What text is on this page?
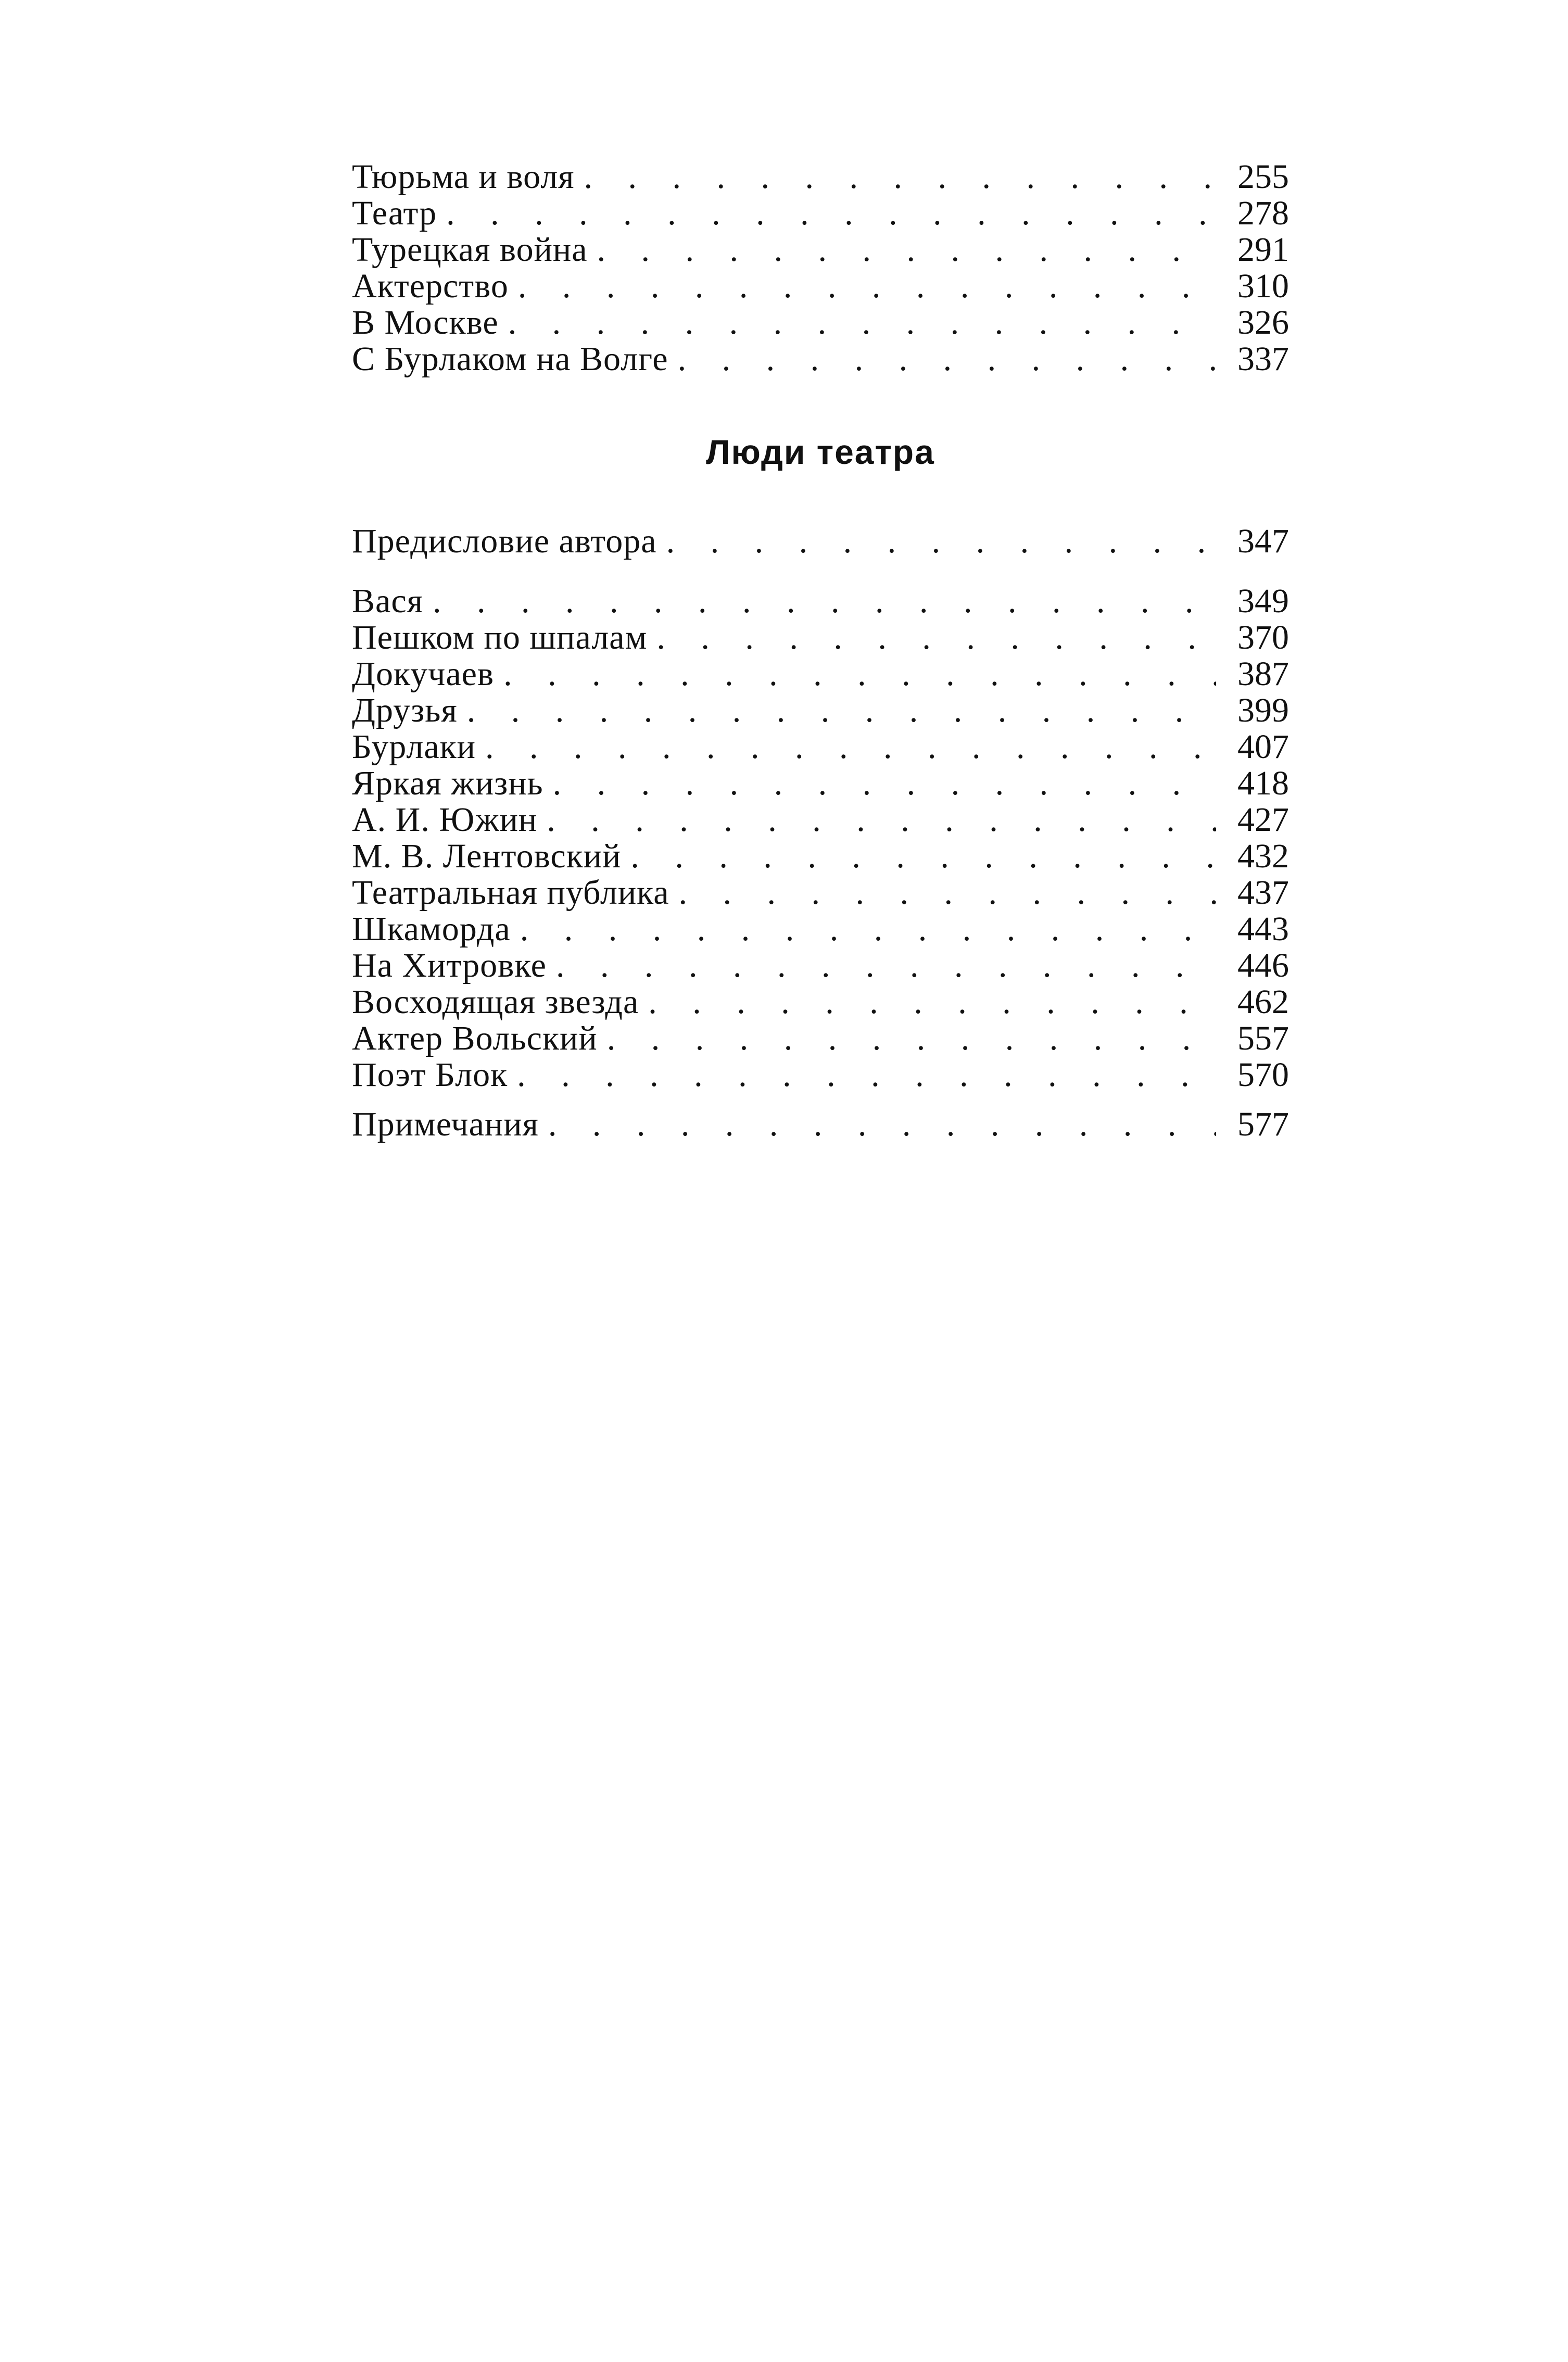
Тюрьма и воля . . .	255
Театр . . .	278
Турецкая война . . .	291
Актерство . . .	310
В Москве . . .	326
С Бурлаком на Волге . . .	337
Люди театра
Предисловие автора . . .	347
Вася . . .	349
Пешком по шпалам . . .	370
Докучаев . . .	387
Друзья . . .	399
Бурлаки . . .	407
Яркая жизнь . . .	418
А. И. Южин . . .	427
М. В. Лентовский . . .	432
Театральная публика . . .	437
Шкаморда . . .	443
На Хитровке . . .	446
Восходящая звезда . . .	462
Актер Вольский . . .	557
Поэт Блок . . .	570
Примечания . . .	577
